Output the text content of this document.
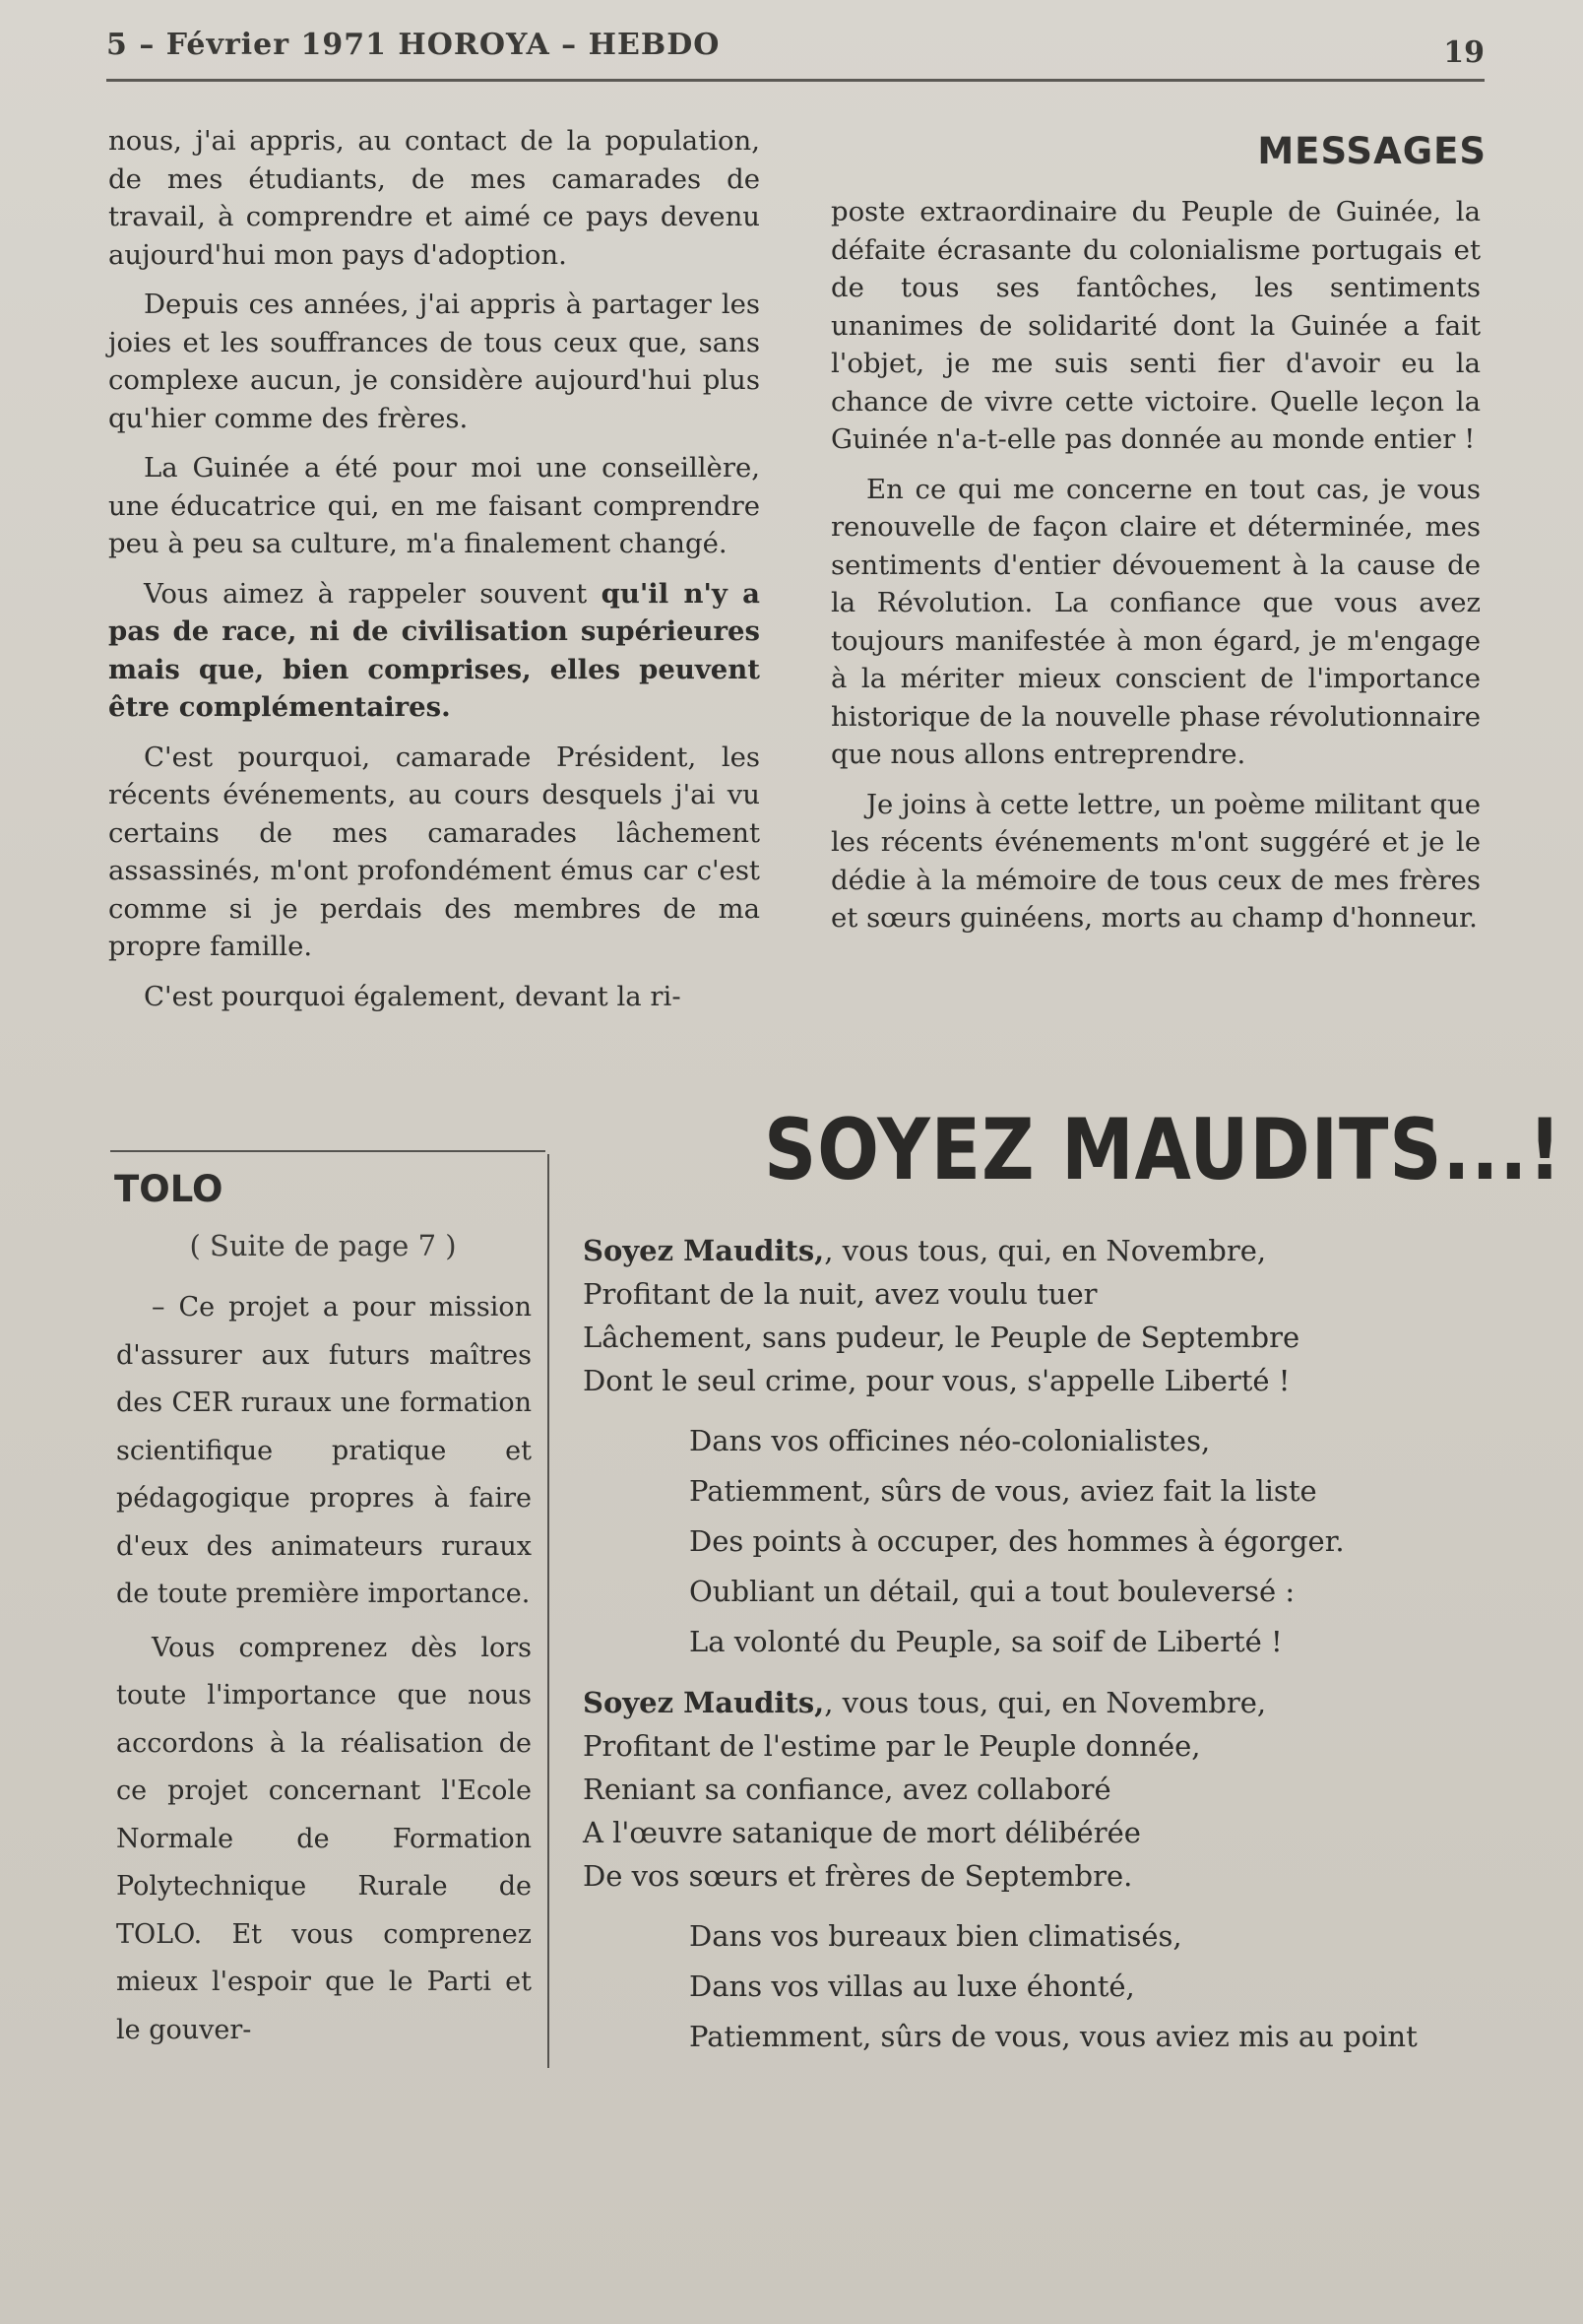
5 – Février 1971 HOROYA – HEBDO	19

nous, j'ai appris, au contact de la population, de mes étudiants, de mes camarades de travail, à comprendre et aimé ce pays devenu aujourd'hui mon pays d'adoption.

Depuis ces années, j'ai appris à partager les joies et les souffrances de tous ceux que, sans complexe aucun, je considère aujourd'hui plus qu'hier comme des frères.

La Guinée a été pour moi une conseillère, une éducatrice qui, en me faisant comprendre peu à peu sa culture, m'a finalement changé.

Vous aimez à rappeler souvent qu'il n'y a pas de race, ni de civilisation supérieures mais que, bien comprises, elles peuvent être complémentaires.

C'est pourquoi, camarade Président, les récents événements, au cours desquels j'ai vu certains de mes camarades lâchement assassinés, m'ont profondément émus car c'est comme si je perdais des membres de ma propre famille.

C'est pourquoi également, devant la ri-

MESSAGES

poste extraordinaire du Peuple de Guinée, la défaite écrasante du colonialisme portugais et de tous ses fantôches, les sentiments unanimes de solidarité dont la Guinée a fait l'objet, je me suis senti fier d'avoir eu la chance de vivre cette victoire. Quelle leçon la Guinée n'a-t-elle pas donnée au monde entier !

En ce qui me concerne en tout cas, je vous renouvelle de façon claire et déterminée, mes sentiments d'entier dévouement à la cause de la Révolution. La confiance que vous avez toujours manifestée à mon égard, je m'engage à la mériter mieux conscient de l'importance historique de la nouvelle phase révolutionnaire que nous allons entreprendre.

Je joins à cette lettre, un poème militant que les récents événements m'ont suggéré et je le dédie à la mémoire de tous ceux de mes frères et sœurs guinéens, morts au champ d'honneur.

SOYEZ MAUDITS...!
TOLO
( Suite de page 7 )

– Ce projet a pour mission d'assurer aux futurs maîtres des CER ruraux une formation scientifique pratique et pédagogique propres à faire d'eux des animateurs ruraux de toute première importance.

Vous comprenez dès lors toute l'importance que nous accordons à la réalisation de ce projet concernant l'Ecole Normale de Formation Polytechnique Rurale de TOLO. Et vous comprenez mieux l'espoir que le Parti et le gouver-

Soyez Maudits,, vous tous, qui, en Novembre,
Profitant de la nuit, avez voulu tuer
Lâchement, sans pudeur, le Peuple de Septembre
Dont le seul crime, pour vous, s'appelle Liberté !
Dans vos officines néo-colonialistes,
Patiemment, sûrs de vous, aviez fait la liste
Des points à occuper, des hommes à égorger.
Oubliant un détail, qui a tout bouleversé :
La volonté du Peuple, sa soif de Liberté !
Soyez Maudits,, vous tous, qui, en Novembre,
Profitant de l'estime par le Peuple donnée,
Reniant sa confiance, avez collaboré
A l'œuvre satanique de mort délibérée
De vos sœurs et frères de Septembre.
Dans vos bureaux bien climatisés,
Dans vos villas au luxe éhonté,
Patiemment, sûrs de vous, vous aviez mis au point
